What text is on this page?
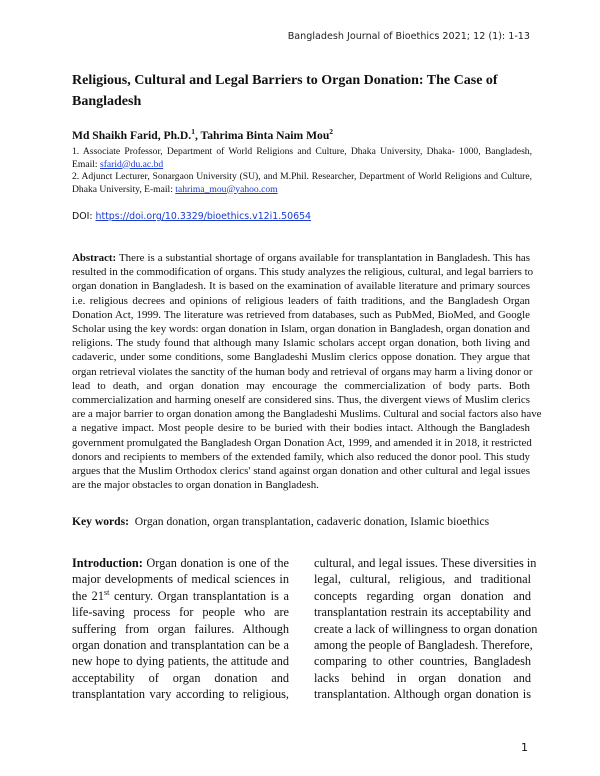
Bangladesh Journal of Bioethics 2021; 12 (1): 1-13
Religious, Cultural and Legal Barriers to Organ Donation: The Case of Bangladesh
Md Shaikh Farid, Ph.D.$^1$, Tahrima Binta Naim Mou$^2$
1. Associate Professor, Department of World Religions and Culture, Dhaka University, Dhaka- 1000, Bangladesh, Email: sfarid@du.ac.bd
2. Adjunct Lecturer, Sonargaon University (SU), and M.Phil. Researcher, Department of World Religions and Culture, Dhaka University, E-mail: tahrima_mou@yahoo.com
DOI: https://doi.org/10.3329/bioethics.v12i1.50654
Abstract: There is a substantial shortage of organs available for transplantation in Bangladesh. This has
resulted in the commodification of organs. This study analyzes the religious, cultural, and legal barriers to
organ donation in Bangladesh. It is based on the examination of available literature and primary sources
i.e. religious decrees and opinions of religious leaders of faith traditions, and the Bangladesh Organ
Donation Act, 1999. The literature was retrieved from databases, such as PubMed, BioMed, and Google
Scholar using the key words: organ donation in Islam, organ donation in Bangladesh, organ donation and
religions. The study found that although many Islamic scholars accept organ donation, both living and
cadaveric, under some conditions, some Bangladeshi Muslim clerics oppose donation. They argue that
organ retrieval violates the sanctity of the human body and retrieval of organs may harm a living donor or
lead to death, and organ donation may encourage the commercialization of body parts. Both
commercialization and harming oneself are considered sins. Thus, the divergent views of Muslim clerics
are a major barrier to organ donation among the Bangladeshi Muslims. Cultural and social factors also have
a negative impact. Most people desire to be buried with their bodies intact. Although the Bangladesh
government promulgated the Bangladesh Organ Donation Act, 1999, and amended it in 2018, it restricted
donors and recipients to members of the extended family, which also reduced the donor pool. This study
argues that the Muslim Orthodox clerics' stand against organ donation and other cultural and legal issues
are the major obstacles to organ donation in Bangladesh.
Key words:  Organ donation, organ transplantation, cadaveric donation, Islamic bioethics
Introduction: Organ donation is one of the
major developments of medical sciences in
the 21st century. Organ transplantation is a
life-saving process for people who are
suffering from organ failures. Although
organ donation and transplantation can be a
new hope to dying patients, the attitude and
acceptability of organ donation and
transplantation vary according to religious,
cultural, and legal issues. These diversities in
legal, cultural, religious, and traditional
concepts regarding organ donation and
transplantation restrain its acceptability and
create a lack of willingness to organ donation
among the people of Bangladesh. Therefore,
comparing to other countries, Bangladesh
lacks behind in organ donation and
transplantation. Although organ donation is
1
